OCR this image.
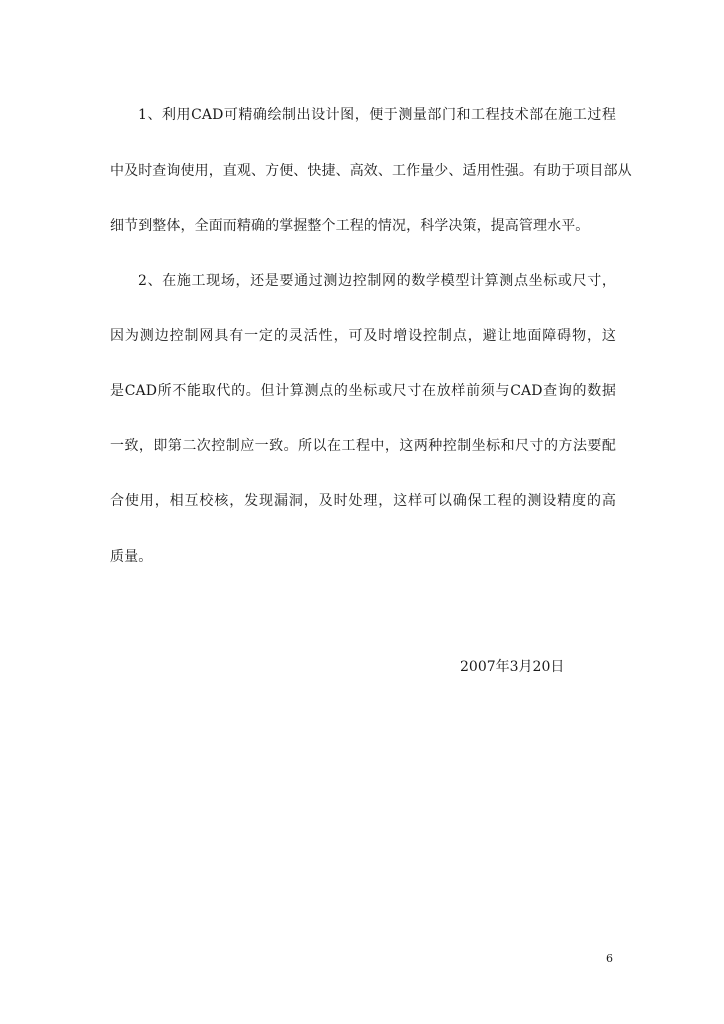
1、利用CAD可精确绘制出设计图，便于测量部门和工程技术部在施工过程
中及时查询使用，直观、方便、快捷、高效、工作量少、适用性强。有助于项目部从
细节到整体，全面而精确的掌握整个工程的情况，科学决策，提高管理水平。
2、在施工现场，还是要通过测边控制网的数学模型计算测点坐标或尺寸，
因为测边控制网具有一定的灵活性，可及时增设控制点，避让地面障碍物，这
是CAD所不能取代的。但计算测点的坐标或尺寸在放样前须与CAD查询的数据
一致，即第二次控制应一致。所以在工程中，这两种控制坐标和尺寸的方法要配
合使用，相互校核，发现漏洞，及时处理，这样可以确保工程的测设精度的高
质量。
2007年3月20日
6
